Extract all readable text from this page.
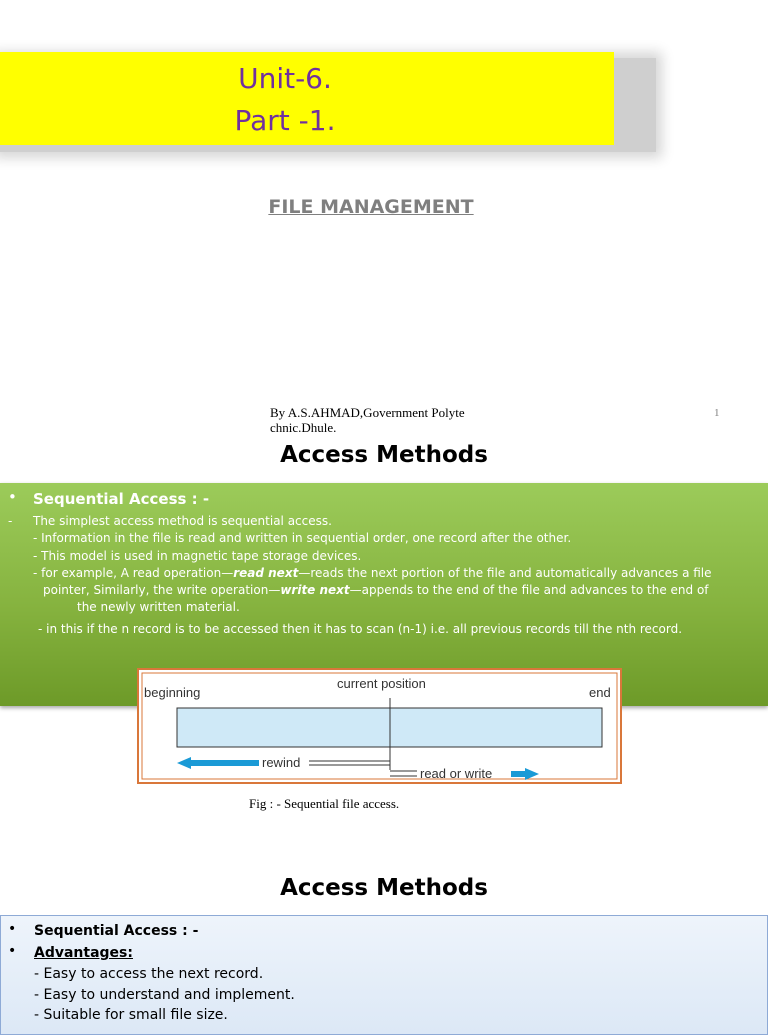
Unit-6.
Part -1.
FILE MANAGEMENT
By A.S.AHMAD,Government Polyte
chnic.Dhule.
1
Access Methods
• Sequential Access : -
- The simplest access method is sequential access.
- Information in the file is read and written in sequential order, one record after the other.
- This model is used in magnetic tape storage devices.
- for example, A read operation—read next—reads the next portion of the file and automatically advances a file
pointer, Similarly, the write operation—write next—appends to the end of the file and advances to the end of
the newly written material.
- in this if the n record is to be accessed then it has to scan (n-1) i.e. all previous records till the nth record.
beginning
current position
end
rewind
read or write
Fig : - Sequential file access.
Access Methods
• Sequential Access : -
• Advantages:
- Easy to access the next record.
- Easy to understand and implement.
- Suitable for small file size.
